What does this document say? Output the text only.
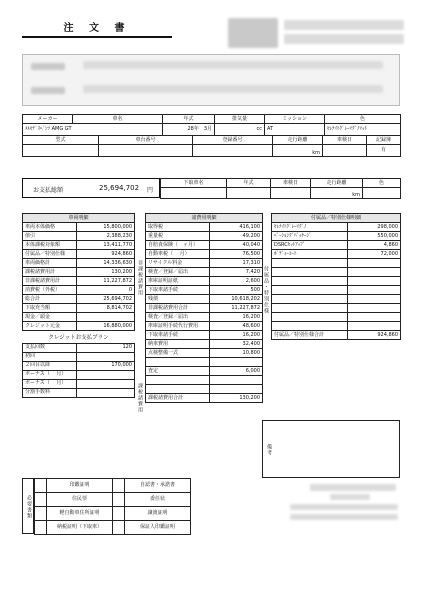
注 文 書
メーカー	車名	年式	排気量	ミッション	色
ﾒﾙｾﾃﾞｽﾍﾞﾝﾂ AMG GT		28年　3月	cc	AT	ｾﾚﾅｲﾄｸﾞﾚｰﾏｸﾞﾉﾏｯﾄ
型式	車台番号	登録番号	走行距離	車検日	記録簿
			km		有
お支払総額	25,694,702 円
下取車名	年式	車検日	走行距離	色
			km	
車両明細	
車両本体価格	15,800,000
值引	2,388,230
本体課税対象額	13,411,770
付属品／特別仕様	924,860
車両価格計	14,336,630
課税諸費用計	130,200
非課税諸費用計	11,227,872
消費税（外税）	0
総合計	25,694,702
下取充当額	8,814,702
現金／頭金	
クレジット元金	16,880,000
クレジットお支払プラン	
支払回数	120
初回	
２回目以降	170,000
ボーナス（　 月）	
ボーナス（　 月）	
分割手数料	
非課税諸費用
課税諸費用
諸費用明細	
取得税	416,100
重量税	49,200
自賠責保険（　ヶ月）	40,040
自動車税（　 月）	76,500
リサイクル料金	17,310
検査／登録／届出	7,420
車庫証明証紙	2,600
下取車諸手続	500
残債	10,618,202
非課税諸費用合計	11,227,872
検査／登録／届出	16,200
車庫証明手続代行費用	48,600
下取車諸手続	16,200
納車費用	32,400
点検整備一式	10,800

査定	6,000

課税諸費用合計	130,200
付属品・特別仕様
付属品／特別仕様明細	
ｾﾚﾅｲﾄｸﾞﾚｰﾏｸﾞﾉ	298,000
ﾍﾟｰｼｮﾝｸﾞﾊﾟｯｹｰｼﾞ	550,000
DSRCｾｯﾄｱｯﾌﾟ	4,860
ﾎﾞﾃﾞｨｰｺｰﾄ	72,000

付属品／特別仕様合計	924,860
備考
必要書類
	印鑑証明		自認書・承諾書
	住民票		委任状
	軽自動車住所証明		譲渡証明
	納税証明（下取車）		保証人印鑑証明
